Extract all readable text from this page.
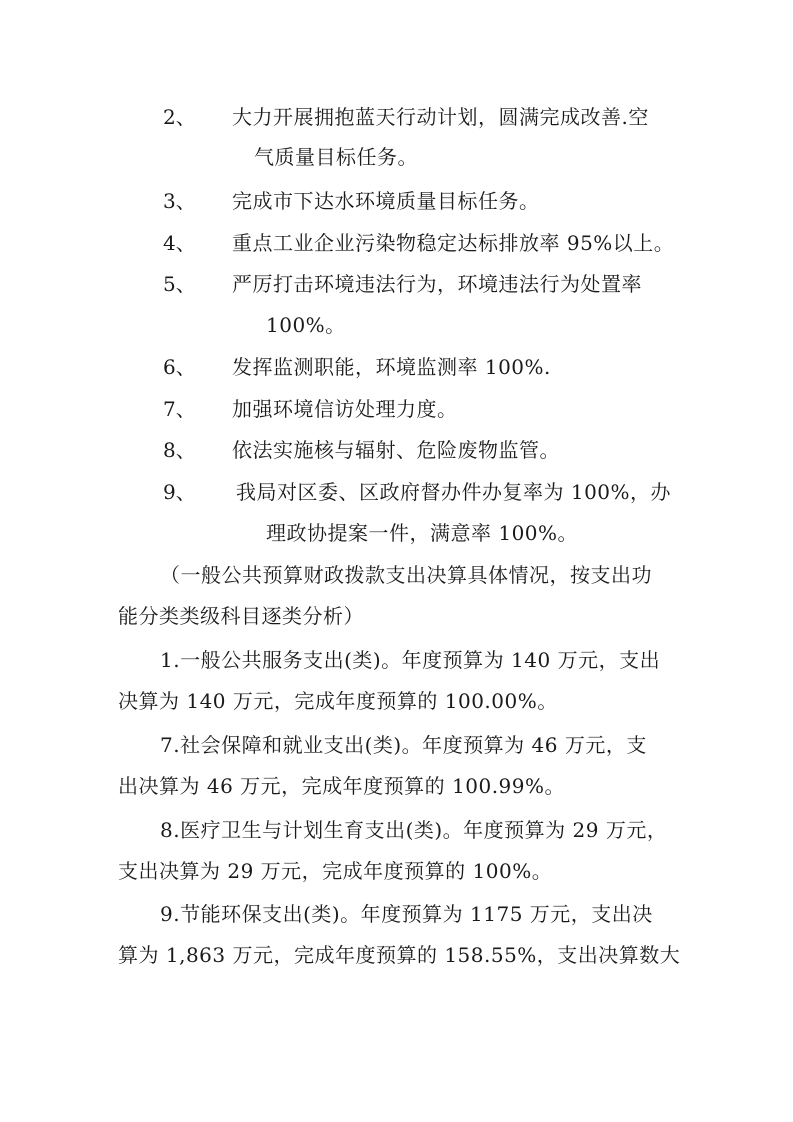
2、 大力开展拥抱蓝天行动计划，圆满完成改善.空
气质量目标任务。
3、 完成市下达水环境质量目标任务。
4、 重点工业企业污染物稳定达标排放率 95%以上。
5、 严厉打击环境违法行为，环境违法行为处置率
100%。
6、 发挥监测职能，环境监测率 100%.
7、 加强环境信访处理力度。
8、 依法实施核与辐射、危险废物监管。
9、 我局对区委、区政府督办件办复率为 100%，办
理政协提案一件，满意率 100%。
（一般公共预算财政拨款支出决算具体情况，按支出功
能分类类级科目逐类分析）
1.一般公共服务支出(类)。年度预算为 140 万元，支出
决算为 140 万元，完成年度预算的 100.00%。
7.社会保障和就业支出(类)。年度预算为 46 万元，支
出决算为 46 万元，完成年度预算的 100.99%。
8.医疗卫生与计划生育支出(类)。年度预算为 29 万元，
支出决算为 29 万元，完成年度预算的 100%。
9.节能环保支出(类)。年度预算为 1175 万元，支出决
算为 1,863 万元，完成年度预算的 158.55%，支出决算数大
